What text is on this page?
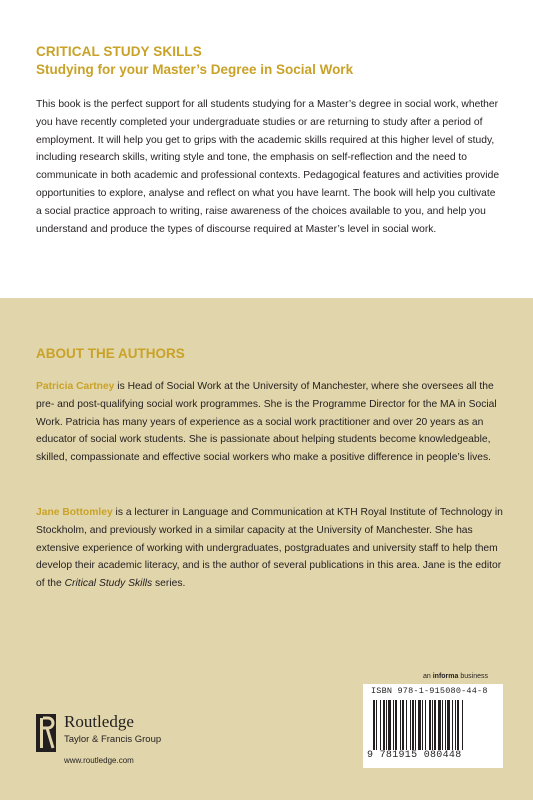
CRITICAL STUDY SKILLS
Studying for your Master’s Degree in Social Work

This book is the perfect support for all students studying for a Master’s degree in social work, whether you have recently completed your undergraduate studies or are returning to study after a period of employment. It will help you get to grips with the academic skills required at this higher level of study, including research skills, writing style and tone, the emphasis on self-reflection and the need to communicate in both academic and professional contexts. Pedagogical features and activities provide opportunities to explore, analyse and reflect on what you have learnt. The book will help you cultivate a social practice approach to writing, raise awareness of the choices available to you, and help you understand and produce the types of discourse required at Master’s level in social work.

ABOUT THE AUTHORS

Patricia Cartney is Head of Social Work at the University of Manchester, where she oversees all the pre- and post-qualifying social work programmes. She is the Programme Director for the MA in Social Work. Patricia has many years of experience as a social work practitioner and over 20 years as an educator of social work students. She is passionate about helping students become knowledgeable, skilled, compassionate and effective social workers who make a positive difference in people’s lives.

Jane Bottomley is a lecturer in Language and Communication at KTH Royal Institute of Technology in Stockholm, and previously worked in a similar capacity at the University of Manchester. She has extensive experience of working with undergraduates, postgraduates and university staff to help them develop their academic literacy, and is the author of several publications in this area. Jane is the editor of the Critical Study Skills series.

Routledge
Taylor & Francis Group
www.routledge.com
an informa business
ISBN 978-1-915080-44-8
9 781915 080448
